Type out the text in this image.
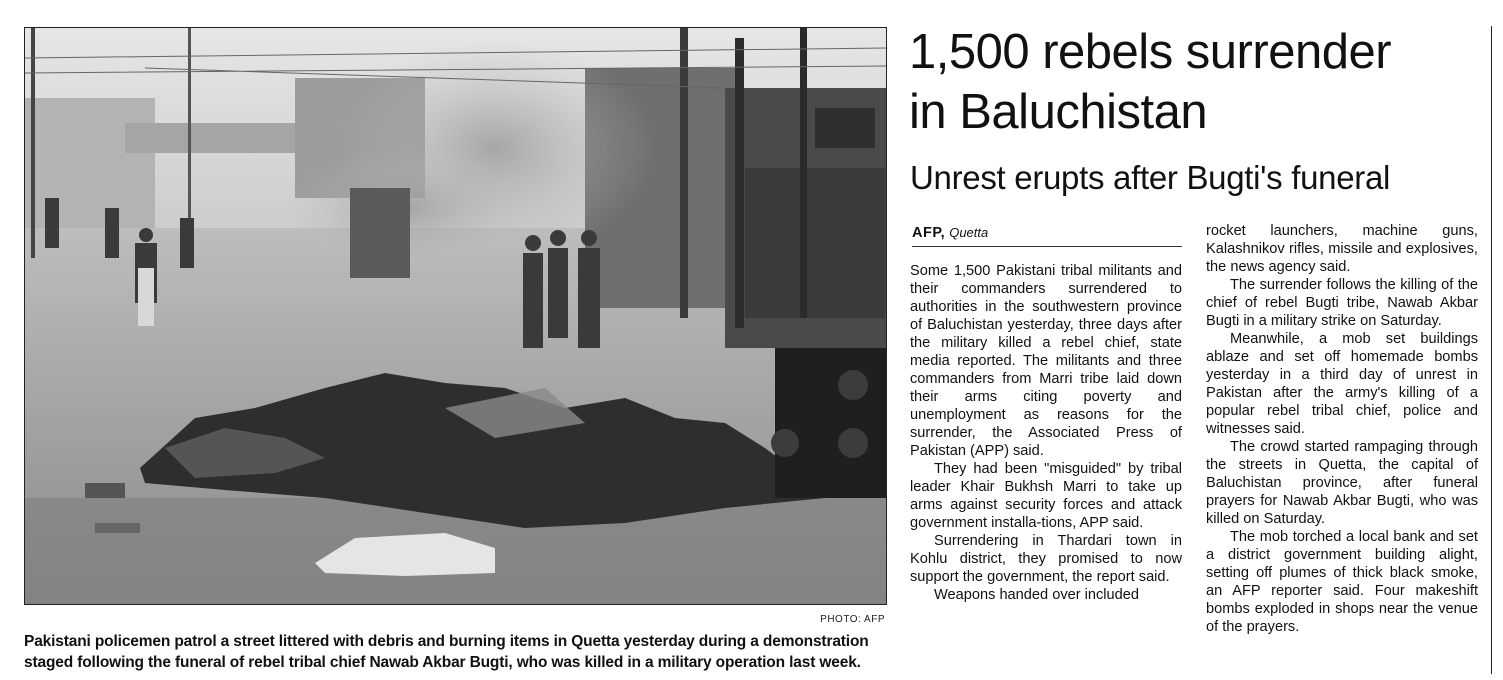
PHOTO: AFP
Pakistani policemen patrol a street littered with debris and burning items in Quetta yesterday during a demonstration
staged following the funeral of rebel tribal chief Nawab Akbar Bugti, who was killed in a military operation last week.
1,500 rebels surrender
in Baluchistan
Unrest erupts after Bugti's funeral
AFP, Quetta

Some 1,500 Pakistani tribal militants and their commanders surrendered to authorities in the southwestern province of Baluchistan yesterday, three days after the military killed a rebel chief, state media reported. The militants and three commanders from Marri tribe laid down their arms citing poverty and unemployment as reasons for the surrender, the Associated Press of Pakistan (APP) said.

They had been "misguided" by tribal leader Khair Bukhsh Marri to take up arms against security forces and attack government installa-tions, APP said.

Surrendering in Thardari town in Kohlu district, they promised to now support the government, the report said.

Weapons handed over included

rocket launchers, machine guns, Kalashnikov rifles, missile and explosives, the news agency said.

The surrender follows the killing of the chief of rebel Bugti tribe, Nawab Akbar Bugti in a military strike on Saturday.

Meanwhile, a mob set buildings ablaze and set off homemade bombs yesterday in a third day of unrest in Pakistan after the army's killing of a popular rebel tribal chief, police and witnesses said.

The crowd started rampaging through the streets in Quetta, the capital of Baluchistan province, after funeral prayers for Nawab Akbar Bugti, who was killed on Saturday.

The mob torched a local bank and set a district government building alight, setting off plumes of thick black smoke, an AFP reporter said. Four makeshift bombs exploded in shops near the venue of the prayers.
